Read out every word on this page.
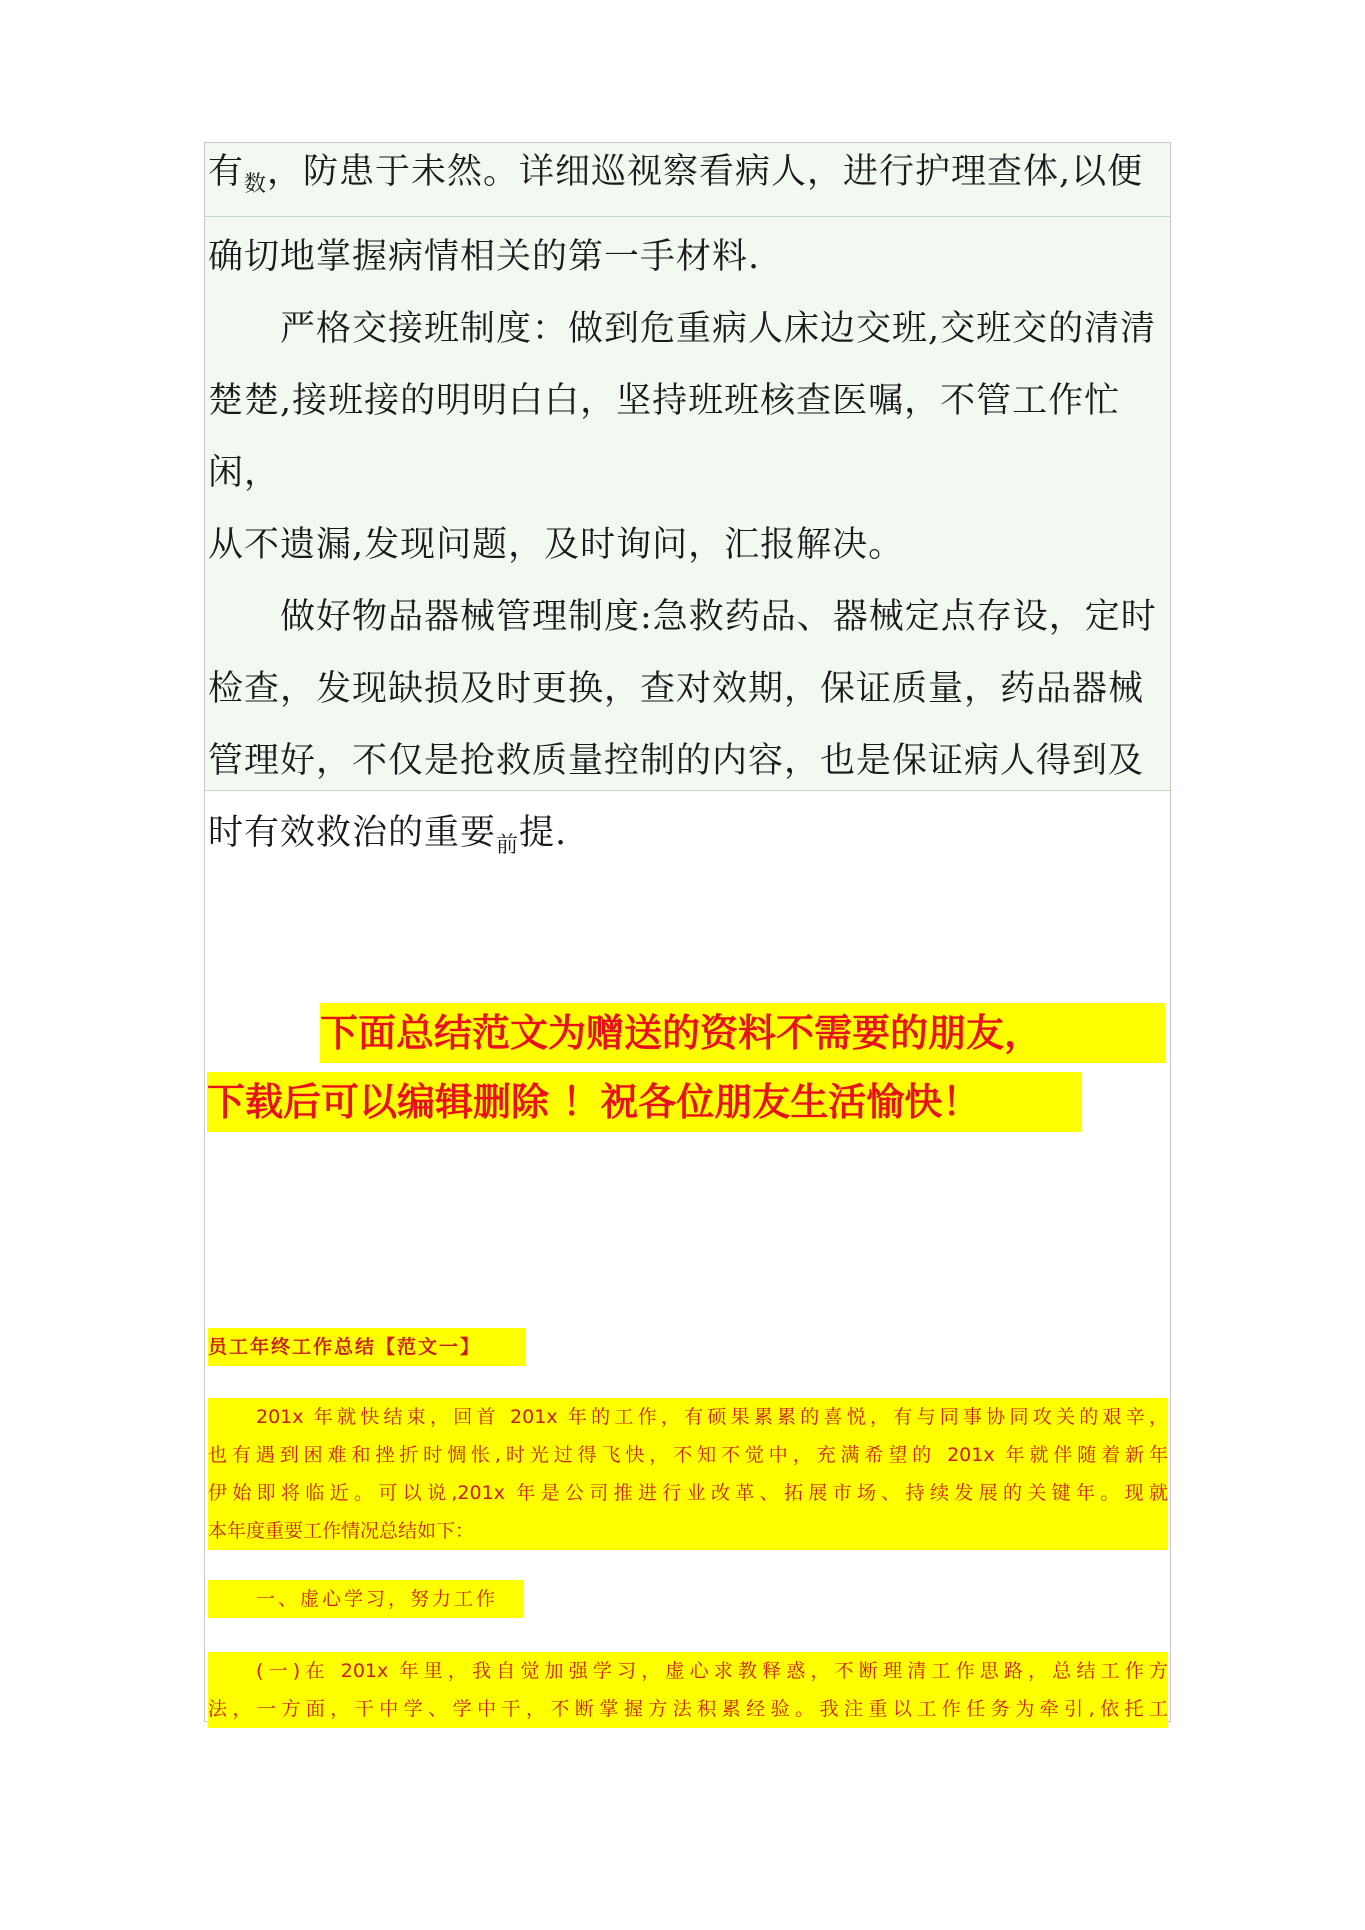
有$_数$，防患于未然。详细巡视察看病人，进行护理查体,以便

确切地掌握病情相关的第一手材料.

严格交接班制度：做到危重病人床边交班,交班交的清清

楚楚,接班接的明明白白，坚持班班核查医嘱，不管工作忙闲，

从不遗漏,发现问题，及时询问，汇报解决。

做好物品器械管理制度:急救药品、器械定点存设，定时

检查，发现缺损及时更换，查对效期，保证质量，药品器械

管理好，不仅是抢救质量控制的内容，也是保证病人得到及

时有效救治的重要$_前$提.

下面总结范文为赠送的资料不需要的朋友，
下载后可以编辑删除 ！祝各位朋友生活愉快！
员工年终工作总结【范文一】
201x 年就快结束，回首 201x 年的工作，有硕果累累的喜悦，有与同事协同攻关的艰辛，
也有遇到困难和挫折时惆怅,时光过得飞快，不知不觉中，充满希望的 201x 年就伴随着新年
伊始即将临近。可以说,201x 年是公司推进行业改革、拓展市场、持续发展的关键年。现就
本年度重要工作情况总结如下：
一、虚心学习，努力工作
(一)在 201x 年里，我自觉加强学习，虚心求教释惑，不断理清工作思路，总结工作方
法，一方面，干中学、学中干，不断掌握方法积累经验。我注重以工作任务为牵引,依托工
